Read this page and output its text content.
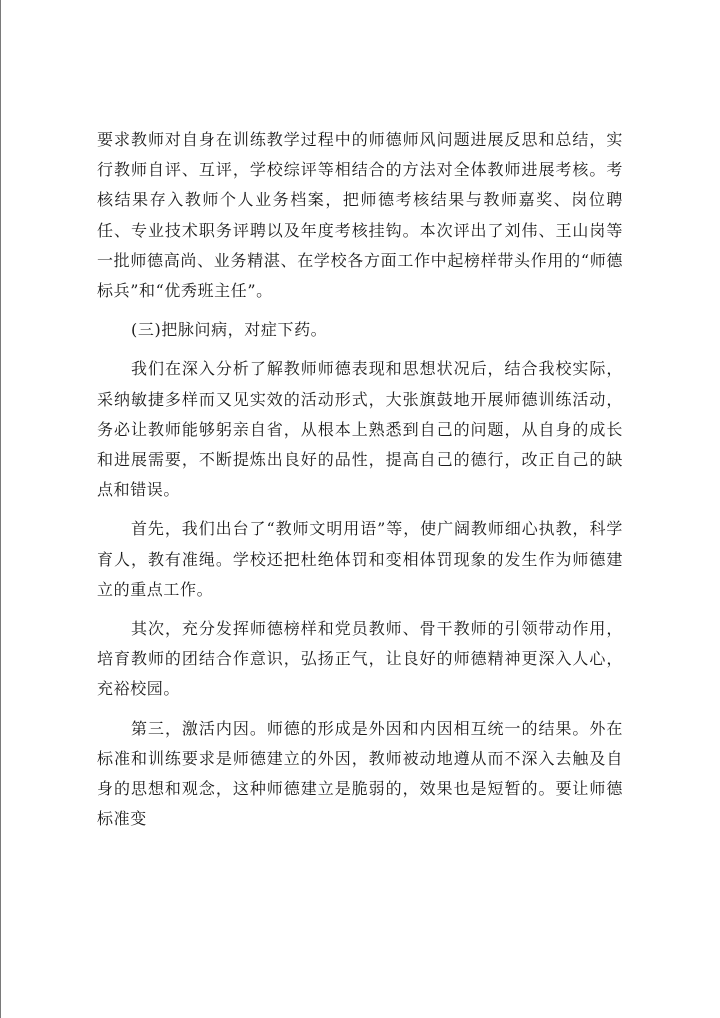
要求教师对自身在训练教学过程中的师德师风问题进展反思和总结，实行教师自评、互评，学校综评等相结合的方法对全体教师进展考核。考核结果存入教师个人业务档案，把师德考核结果与教师嘉奖、岗位聘任、专业技术职务评聘以及年度考核挂钩。本次评出了刘伟、王山岗等一批师德高尚、业务精湛、在学校各方面工作中起榜样带头作用的“师德标兵”和“优秀班主任”。

(三)把脉问病，对症下药。

我们在深入分析了解教师师德表现和思想状况后，结合我校实际，采纳敏捷多样而又见实效的活动形式，大张旗鼓地开展师德训练活动，务必让教师能够躬亲自省，从根本上熟悉到自己的问题，从自身的成长和进展需要，不断提炼出良好的品性，提高自己的德行，改正自己的缺点和错误。

首先，我们出台了“教师文明用语”等，使广阔教师细心执教，科学育人，教有准绳。学校还把杜绝体罚和变相体罚现象的发生作为师德建立的重点工作。

其次，充分发挥师德榜样和党员教师、骨干教师的引领带动作用，培育教师的团结合作意识，弘扬正气，让良好的师德精神更深入人心，充裕校园。

第三，激活内因。师德的形成是外因和内因相互统一的结果。外在标准和训练要求是师德建立的外因，教师被动地遵从而不深入去触及自身的思想和观念，这种师德建立是脆弱的，效果也是短暂的。要让师德标准变
